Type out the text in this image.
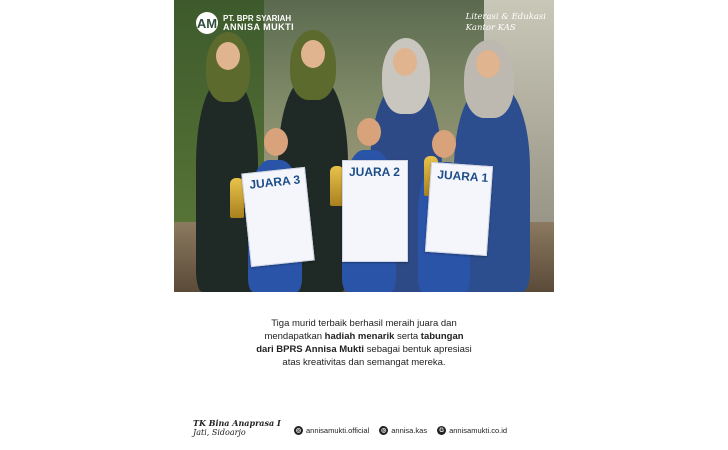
JUARA 3
JUARA 2	JUARA 1
AM PT. BPR SYARIAH
ANNISA MUKTI
Literasi & Edukasi
Kantor KAS
Tiga murid terbaik berhasil meraih juara dan
mendapatkan hadiah menarik serta tabungan
dari BPRS Annisa Mukti sebagai bentuk apresiasi
atas kreativitas dan semangat mereka.
TK Bina Anaprasa I
Jati, Sidoarjo	◎ annisamukti.official	◎ annisa.kas	G annisamukti.co.id
